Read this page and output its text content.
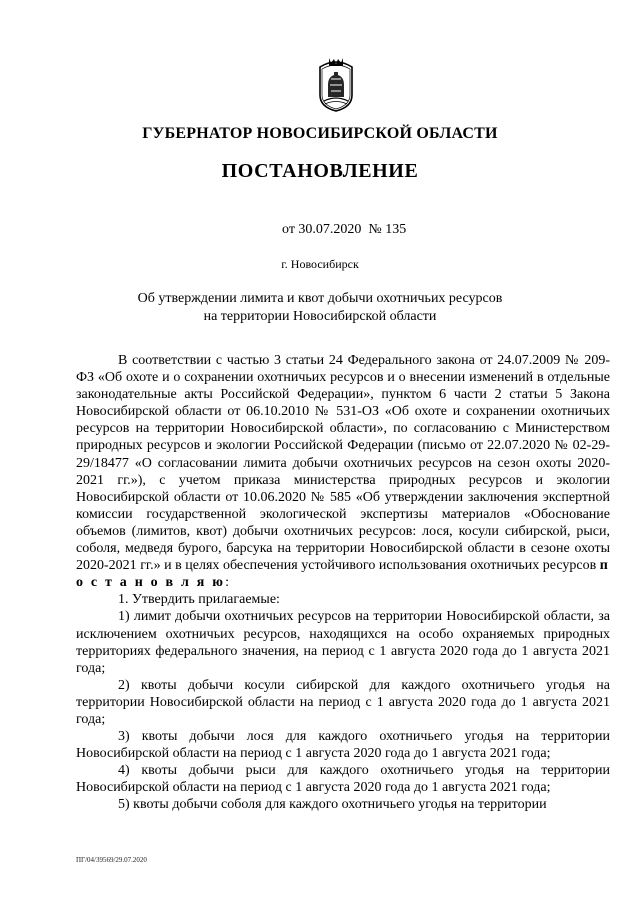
ГУБЕРНАТОР НОВОСИБИРСКОЙ ОБЛАСТИ
ПОСТАНОВЛЕНИЕ
от 30.07.2020  № 135
г. Новосибирск
Об утверждении лимита и квот добычи охотничьих ресурсов
на территории Новосибирской области

В соответствии с частью 3 статьи 24 Федерального закона от 24.07.2009 № 209-ФЗ «Об охоте и о сохранении охотничьих ресурсов и о внесении изменений в отдельные законодательные акты Российской Федерации», пунктом 6 части 2 статьи 5 Закона Новосибирской области от 06.10.2010 № 531-ОЗ «Об охоте и сохранении охотничьих ресурсов на территории Новосибирской области», по согласованию с Министерством природных ресурсов и экологии Российской Федерации (письмо от 22.07.2020 № 02-29-29/18477 «О согласовании лимита добычи охотничьих ресурсов на сезон охоты 2020-2021 гг.»), с учетом приказа министерства природных ресурсов и экологии Новосибирской области от 10.06.2020 № 585 «Об утверждении заключения экспертной комиссии государственной экологической экспертизы материалов «Обоснование объемов (лимитов, квот) добычи охотничьих ресурсов: лося, косули сибирской, рыси, соболя, медведя бурого, барсука на территории Новосибирской области в сезоне охоты 2020-2021 гг.» и в целях обеспечения устойчивого использования охотничьих ресурсов п о с т а н о в л я ю:

1. Утвердить прилагаемые:

1) лимит добычи охотничьих ресурсов на территории Новосибирской области, за исключением охотничьих ресурсов, находящихся на особо охраняемых природных территориях федерального значения, на период с 1 августа 2020 года до 1 августа 2021 года;

2) квоты добычи косули сибирской для каждого охотничьего угодья на территории Новосибирской области на период с 1 августа 2020 года до 1 августа 2021 года;

3) квоты добычи лося для каждого охотничьего угодья на территории Новосибирской области на период с 1 августа 2020 года до 1 августа 2021 года;

4) квоты добычи рыси для каждого охотничьего угодья на территории Новосибирской области на период с 1 августа 2020 года до 1 августа 2021 года;

5) квоты добычи соболя для каждого охотничьего угодья на территории

ПГ/04/39569/29.07.2020
